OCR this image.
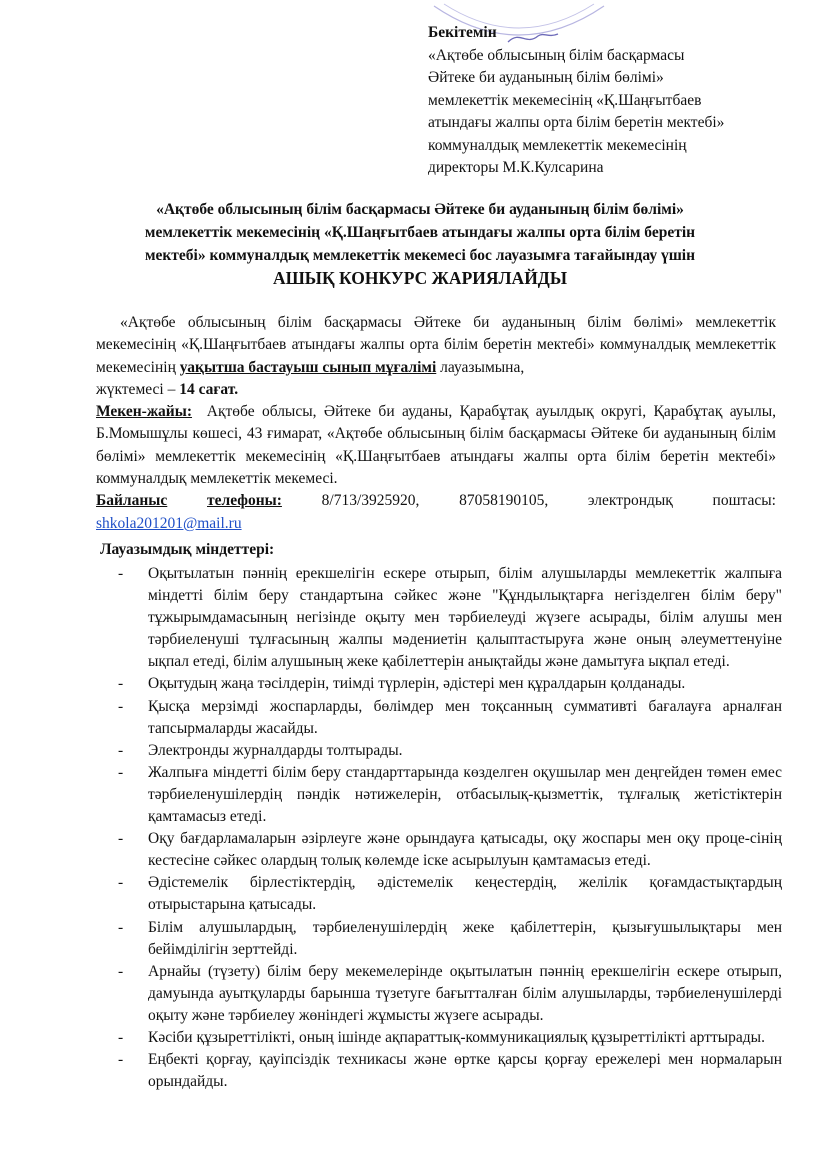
Бекітемін
«Ақтөбе облысының білім басқармасы
Әйтеке би ауданының білім бөлімі»
мемлекеттік мекемесінің «Қ.Шаңғытбаев
атындағы жалпы орта білім беретін мектебі»
коммуналдық мемлекеттік мекемесінің
директоры М.К.Кулсарина
«Ақтөбе облысының білім басқармасы Әйтеке би ауданының білім бөлімі»
мемлекеттік мекемесінің «Қ.Шаңғытбаев атындағы жалпы орта білім беретін
мектебі» коммуналдық мемлекеттік мекемесі бос лауазымға тағайындау үшін
АШЫҚ КОНКУРС ЖАРИЯЛАЙДЫ

«Ақтөбе облысының білім басқармасы Әйтеке би ауданының білім бөлімі» мемлекеттік мекемесінің «Қ.Шаңғытбаев атындағы жалпы орта білім беретін мектебі» коммуналдық мемлекеттік мекемесінің уақытша бастауыш сынып мұғалімі лауазымына,

жүктемесі – 14 сағат.

Мекен-жайы: Ақтөбе облысы, Әйтеке би ауданы, Қарабұтақ ауылдық округі, Қарабұтақ ауылы, Б.Момышұлы көшесі, 43 ғимарат, «Ақтөбе облысының білім басқармасы Әйтеке би ауданының білім бөлімі» мемлекеттік мекемесінің «Қ.Шаңғытбаев атындағы жалпы орта білім беретін мектебі» коммуналдық мемлекеттік мекемесі.

Байланыс	телефоны:	8/713/3925920,	87058190105,	электрондық	поштасы:

shkola201201@mail.ru

Лауазымдық міндеттері:
- Оқытылатын пәннің ерекшелігін ескере отырып, білім алушыларды мемлекеттік жалпыға міндетті білім беру стандартына сәйкес және "Құндылықтарға негізделген білім беру" тұжырымдамасының негізінде оқыту мен тәрбиелеуді жүзеге асырады, білім алушы мен тәрбиеленуші тұлғасының жалпы мәдениетін қалыптастыруға және оның әлеуметтенуіне ықпал етеді, білім алушының жеке қабілеттерін анықтайды және дамытуға ықпал етеді.
- Оқытудың жаңа тәсілдерін, тиімді түрлерін, әдістері мен құралдарын қолданады.
- Қысқа мерзімді жоспарларды, бөлімдер мен тоқсанның суммативті бағалауға арналған тапсырмаларды жасайды.
- Электронды журналдарды толтырады.
- Жалпыға міндетті білім беру стандарттарында көзделген оқушылар мен деңгейден төмен емес тәрбиеленушілердің пәндік нәтижелерін, отбасылық-қызметтік, тұлғалық жетістіктерін қамтамасыз етеді.
- Оқу бағдарламаларын әзірлеуге және орындауға қатысады, оқу жоспары мен оқу проце-сінің кестесіне сәйкес олардың толық көлемде іске асырылуын қамтамасыз етеді.
- Әдістемелік бірлестіктердің, әдістемелік кеңестердің, желілік қоғамдастықтардың отырыстарына қатысады.
- Білім алушылардың, тәрбиеленушілердің жеке қабілеттерін, қызығушылықтары мен бейімділігін зерттейді.
- Арнайы (түзету) білім беру мекемелерінде оқытылатын пәннің ерекшелігін ескере отырып, дамуында ауытқуларды барынша түзетуге бағытталған білім алушыларды, тәрбиеленушілерді оқыту және тәрбиелеу жөніндегі жұмысты жүзеге асырады.
- Кәсіби құзыреттілікті, оның ішінде ақпараттық-коммуникациялық құзыреттілікті арттырады.
- Еңбекті қорғау, қауіпсіздік техникасы және өртке қарсы қорғау ережелері мен нормаларын орындайды.
